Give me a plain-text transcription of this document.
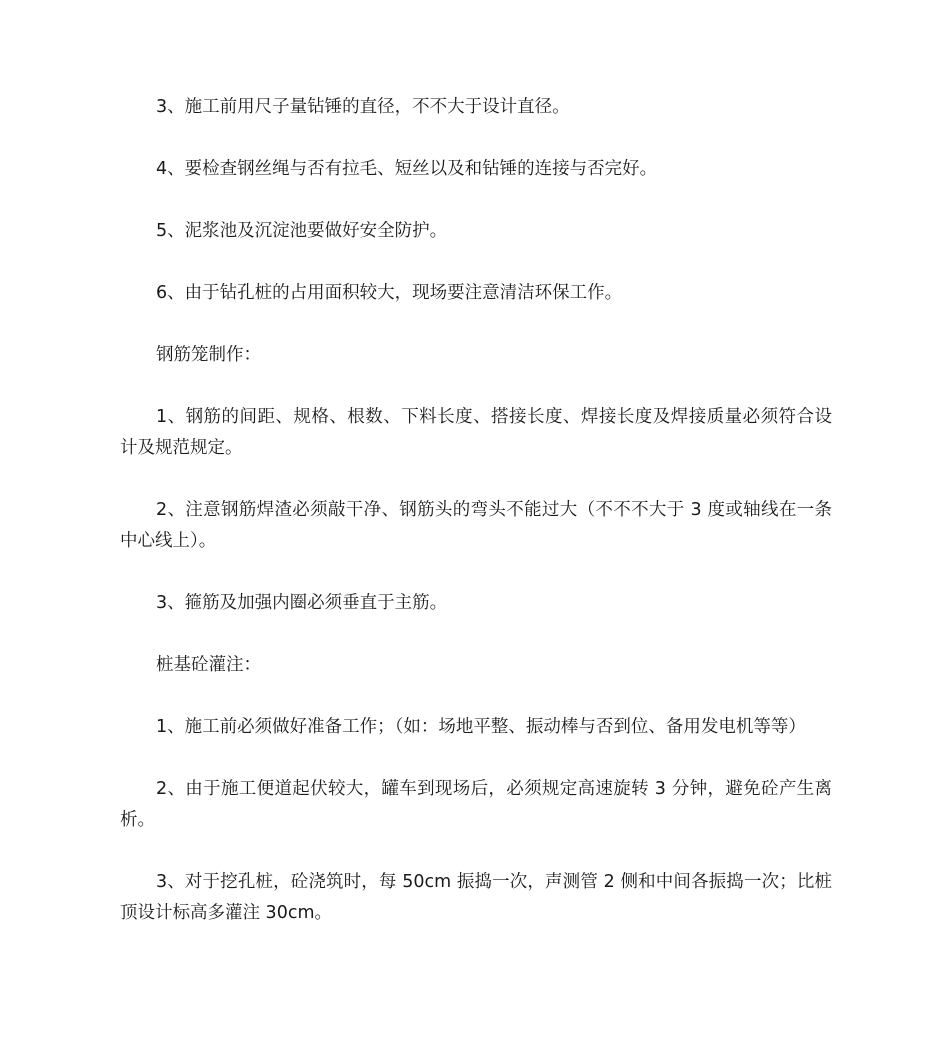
3、施工前用尺子量钻锤的直径，不不大于设计直径。

4、要检查钢丝绳与否有拉毛、短丝以及和钻锤的连接与否完好。

5、泥浆池及沉淀池要做好安全防护。

6、由于钻孔桩的占用面积较大，现场要注意清洁环保工作。

钢筋笼制作：

1、钢筋的间距、规格、根数、下料长度、搭接长度、焊接长度及焊接质量必须符合设计及规范规定。

2、注意钢筋焊渣必须敲干净、钢筋头的弯头不能过大（不不不大于 3 度或轴线在一条中心线上）。

3、箍筋及加强内圈必须垂直于主筋。

桩基砼灌注：

1、施工前必须做好准备工作；（如：场地平整、振动棒与否到位、备用发电机等等）

2、由于施工便道起伏较大，罐车到现场后，必须规定高速旋转 3 分钟，避免砼产生离析。

3、对于挖孔桩，砼浇筑时，每 50cm 振捣一次，声测管 2 侧和中间各振捣一次；比桩顶设计标高多灌注 30cm。
